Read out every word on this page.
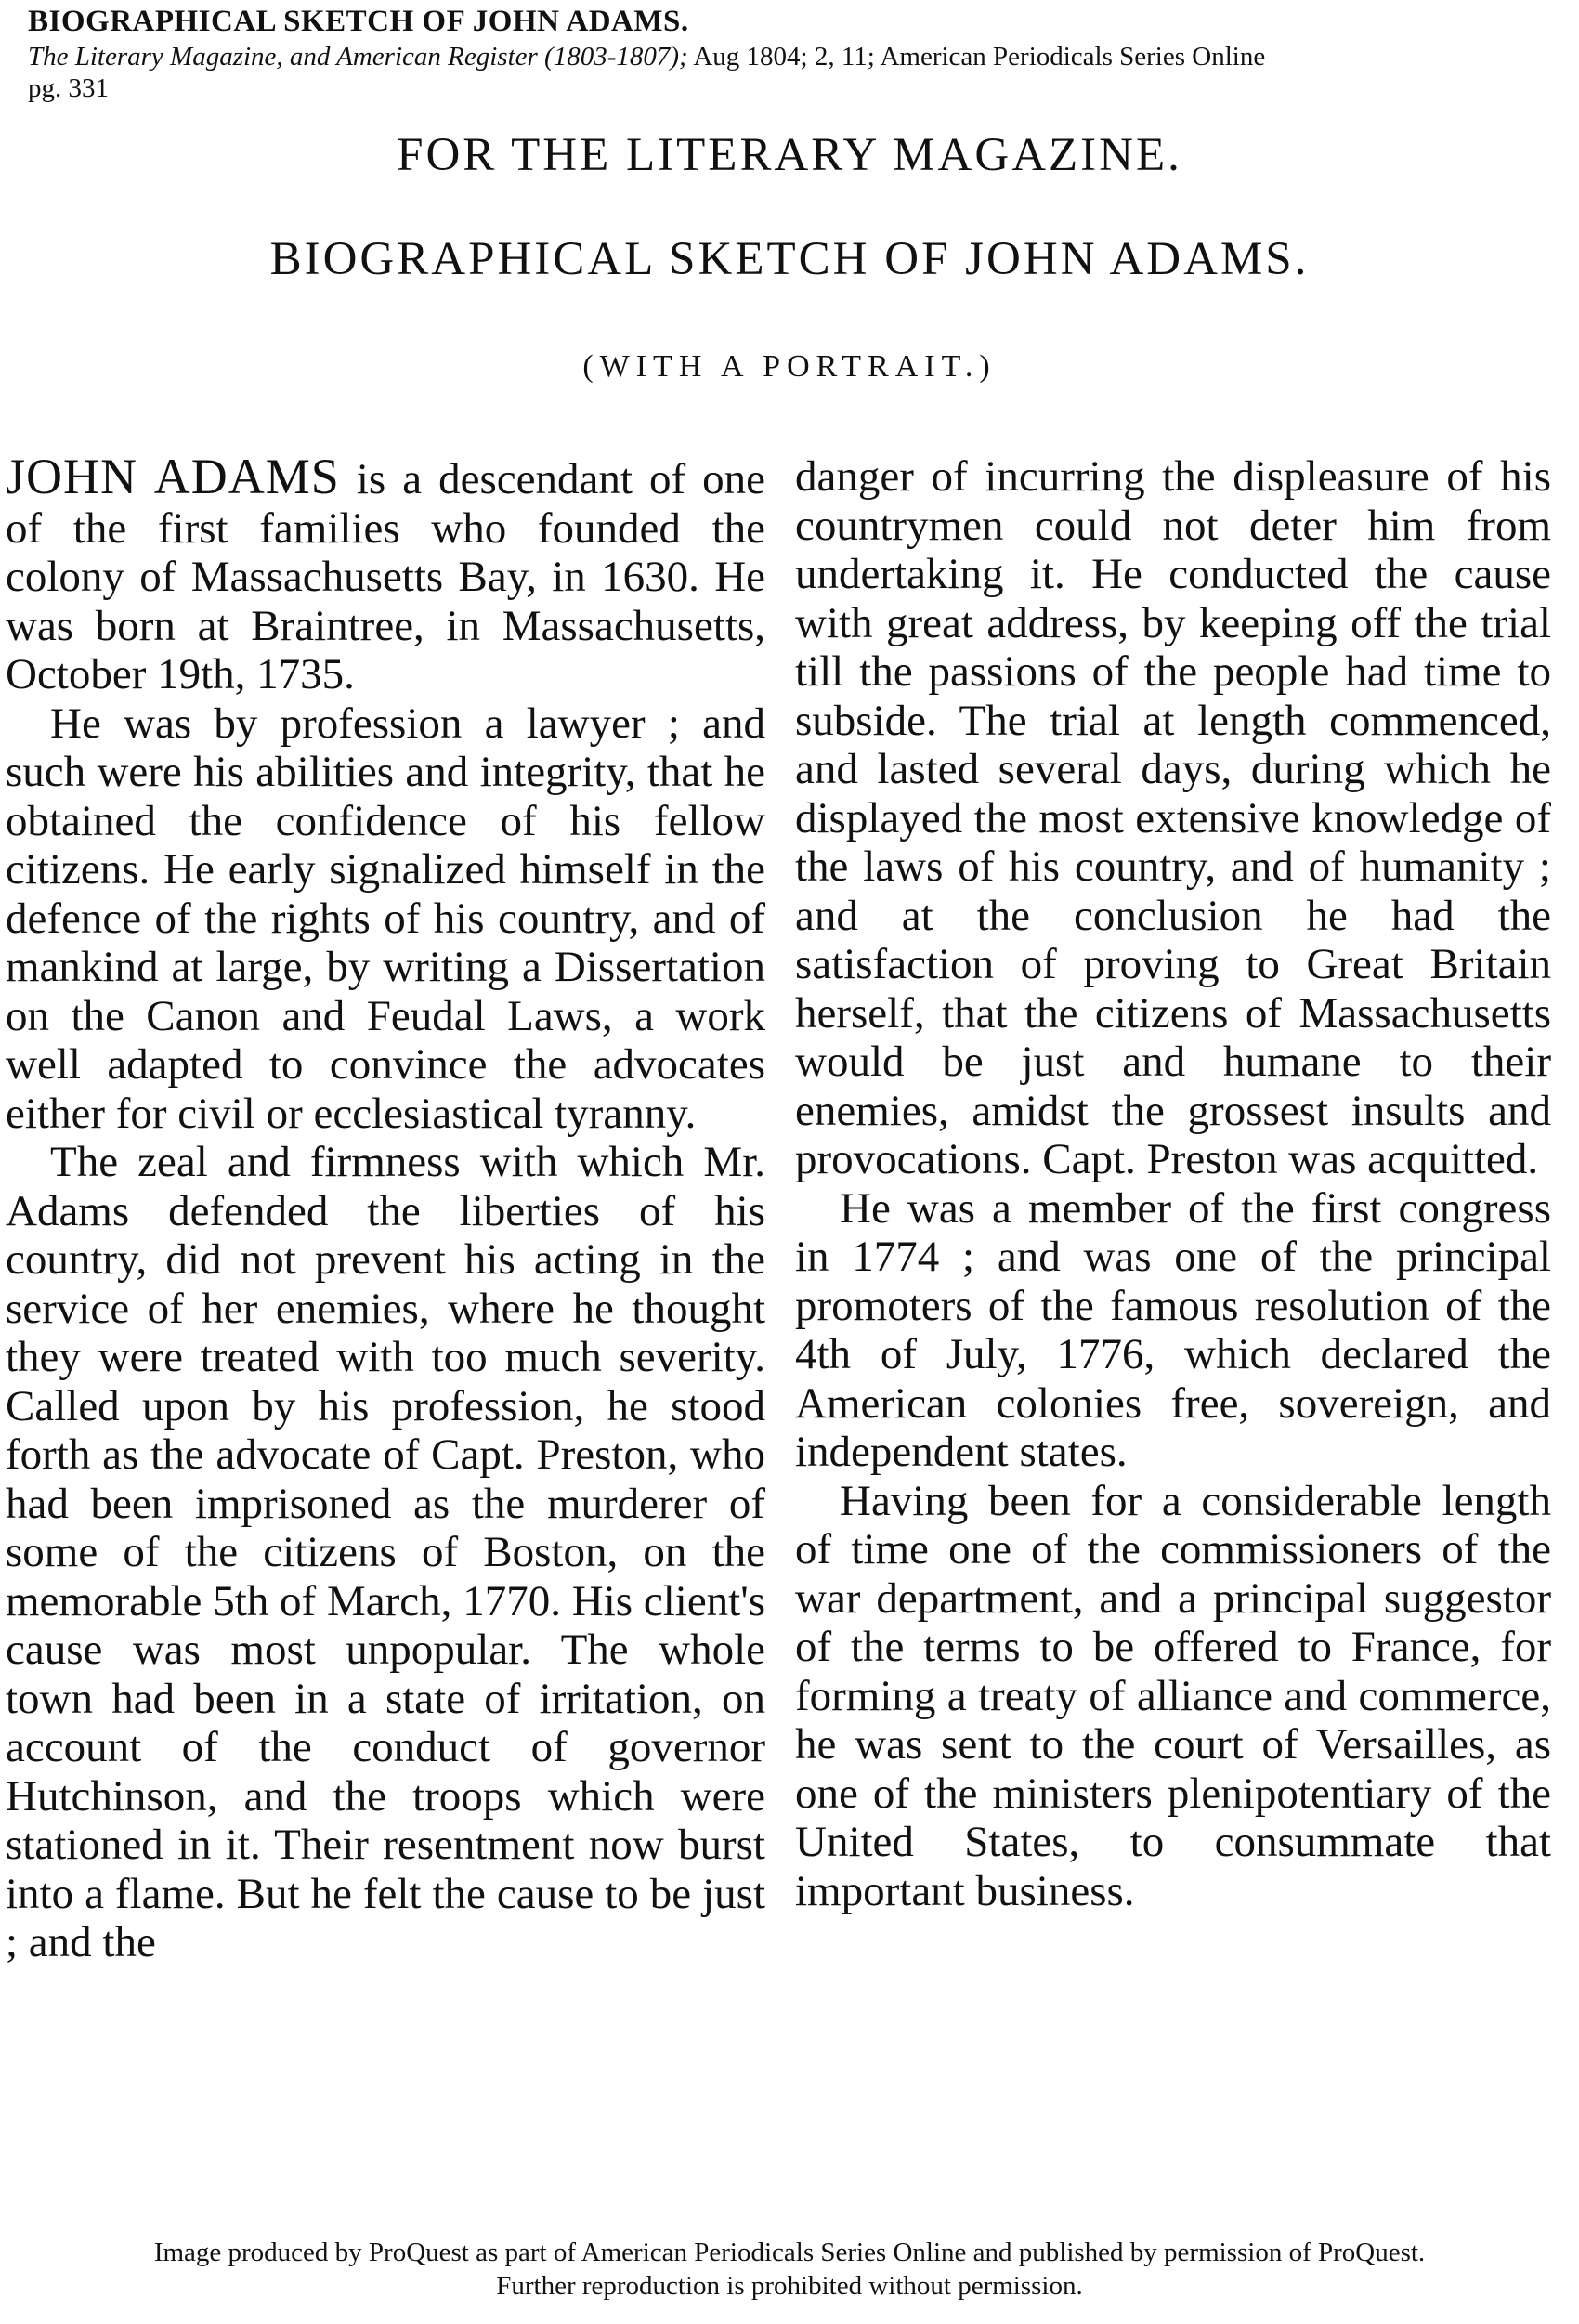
BIOGRAPHICAL SKETCH OF JOHN ADAMS.
The Literary Magazine, and American Register (1803-1807); Aug 1804; 2, 11; American Periodicals Series Online
pg. 331
FOR THE LITERARY MAGAZINE.
BIOGRAPHICAL SKETCH OF JOHN ADAMS.
(WITH A PORTRAIT.)

JOHN ADAMS is a descendant of one of the first families who founded the colony of Massachusetts Bay, in 1630. He was born at Braintree, in Massachusetts, October 19th, 1735.

He was by profession a lawyer ; and such were his abilities and integrity, that he obtained the confidence of his fellow citizens. He early signalized himself in the defence of the rights of his country, and of mankind at large, by writing a Dissertation on the Canon and Feudal Laws, a work well adapted to convince the advocates either for civil or ecclesiastical tyranny.

The zeal and firmness with which Mr. Adams defended the liberties of his country, did not prevent his acting in the service of her enemies, where he thought they were treated with too much severity. Called upon by his profession, he stood forth as the advocate of Capt. Preston, who had been imprisoned as the murderer of some of the citizens of Boston, on the memorable 5th of March, 1770. His client's cause was most unpopular. The whole town had been in a state of irritation, on account of the conduct of governor Hutchinson, and the troops which were stationed in it. Their resentment now burst into a flame. But he felt the cause to be just ; and the

danger of incurring the displeasure of his countrymen could not deter him from undertaking it. He conducted the cause with great address, by keeping off the trial till the passions of the people had time to subside. The trial at length commenced, and lasted several days, during which he displayed the most extensive knowledge of the laws of his country, and of humanity ; and at the conclusion he had the satisfaction of proving to Great Britain herself, that the citizens of Massachusetts would be just and humane to their enemies, amidst the grossest insults and provocations. Capt. Preston was acquitted.

He was a member of the first congress in 1774 ; and was one of the principal promoters of the famous resolution of the 4th of July, 1776, which declared the American colonies free, sovereign, and independent states.

Having been for a considerable length of time one of the commissioners of the war department, and a principal suggestor of the terms to be offered to France, for forming a treaty of alliance and commerce, he was sent to the court of Versailles, as one of the ministers plenipotentiary of the United States, to consummate that important business.

Image produced by ProQuest as part of American Periodicals Series Online and published by permission of ProQuest.
Further reproduction is prohibited without permission.
